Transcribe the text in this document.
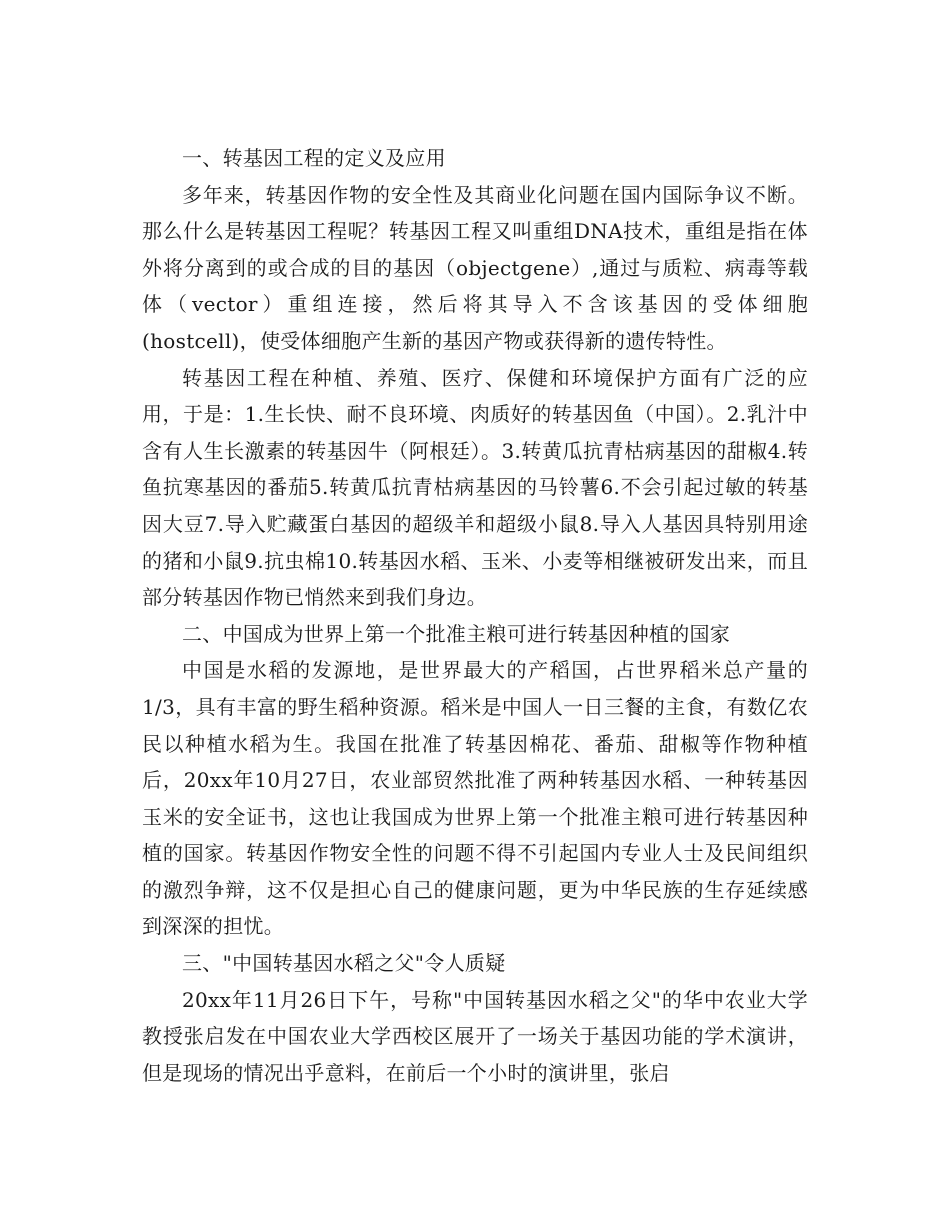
一、转基因工程的定义及应用

多年来，转基因作物的安全性及其商业化问题在国内国际争议不断。那么什么是转基因工程呢？转基因工程又叫重组DNA技术，重组是指在体外将分离到的或合成的目的基因（objectgene）,通过与质粒、病毒等载体（vector）重组连接，然后将其导入不含该基因的受体细胞(hostcell)，使受体细胞产生新的基因产物或获得新的遗传特性。

转基因工程在种植、养殖、医疗、保健和环境保护方面有广泛的应用，于是：1.生长快、耐不良环境、肉质好的转基因鱼（中国）。2.乳汁中含有人生长激素的转基因牛（阿根廷）。3.转黄瓜抗青枯病基因的甜椒4.转鱼抗寒基因的番茄5.转黄瓜抗青枯病基因的马铃薯6.不会引起过敏的转基因大豆7.导入贮藏蛋白基因的超级羊和超级小鼠8.导入人基因具特别用途的猪和小鼠9.抗虫棉10.转基因水稻、玉米、小麦等相继被研发出来，而且部分转基因作物已悄然来到我们身边。

二、中国成为世界上第一个批准主粮可进行转基因种植的国家

中国是水稻的发源地，是世界最大的产稻国，占世界稻米总产量的1/3，具有丰富的野生稻种资源。稻米是中国人一日三餐的主食，有数亿农民以种植水稻为生。我国在批准了转基因棉花、番茄、甜椒等作物种植后，20xx年10月27日，农业部贸然批准了两种转基因水稻、一种转基因玉米的安全证书，这也让我国成为世界上第一个批准主粮可进行转基因种植的国家。转基因作物安全性的问题不得不引起国内专业人士及民间组织的激烈争辩，这不仅是担心自己的健康问题，更为中华民族的生存延续感到深深的担忧。

三、"中国转基因水稻之父"令人质疑

20xx年11月26日下午，号称"中国转基因水稻之父"的华中农业大学教授张启发在中国农业大学西校区展开了一场关于基因功能的学术演讲，但是现场的情况出乎意料，在前后一个小时的演讲里，张启
